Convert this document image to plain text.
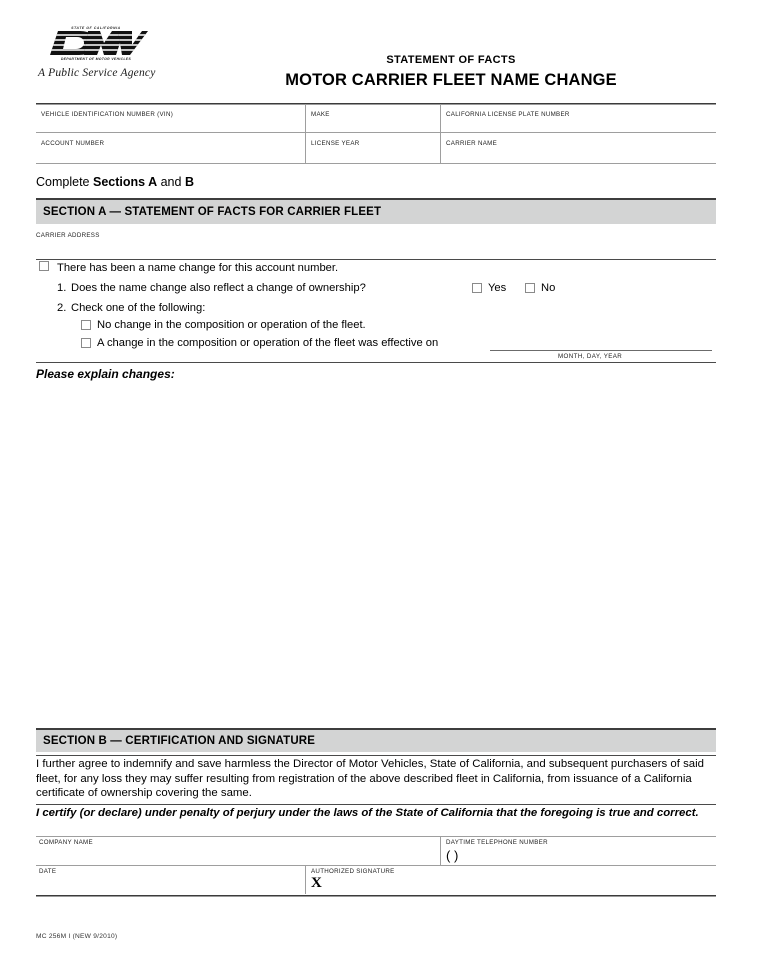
STATE OF CALIFORNIA
DEPARTMENT OF MOTOR VEHICLES
A Public Service Agency
STATEMENT OF FACTS
MOTOR CARRIER FLEET NAME CHANGE
VEHICLE IDENTIFICATION NUMBER (VIN)	MAKE	CALIFORNIA LICENSE PLATE NUMBER
ACCOUNT NUMBER	LICENSE YEAR	CARRIER NAME
Complete Sections A and B
SECTION A — STATEMENT OF FACTS FOR CARRIER FLEET
CARRIER ADDRESS
There has been a name change for this account number.
1. Does the name change also reflect a change of ownership?	Yes	No
2. Check one of the following:
No change in the composition or operation of the fleet.
A change in the composition or operation of the fleet was effective on
MONTH, DAY, YEAR
Please explain changes:
SECTION B — CERTIFICATION AND SIGNATURE
I further agree to indemnify and save harmless the Director of Motor Vehicles, State of California, and subsequent purchasers of said fleet, for any loss they may suffer resulting from registration of the above described fleet in California, from issuance of a California certificate of ownership covering the same.
I certify (or declare) under penalty of perjury under the laws of the State of California that the foregoing is true and correct.
COMPANY NAME	DAYTIME TELEPHONE NUMBER
( )
DATE	AUTHORIZED SIGNATURE
X
MC 256M I (NEW 9/2010)
